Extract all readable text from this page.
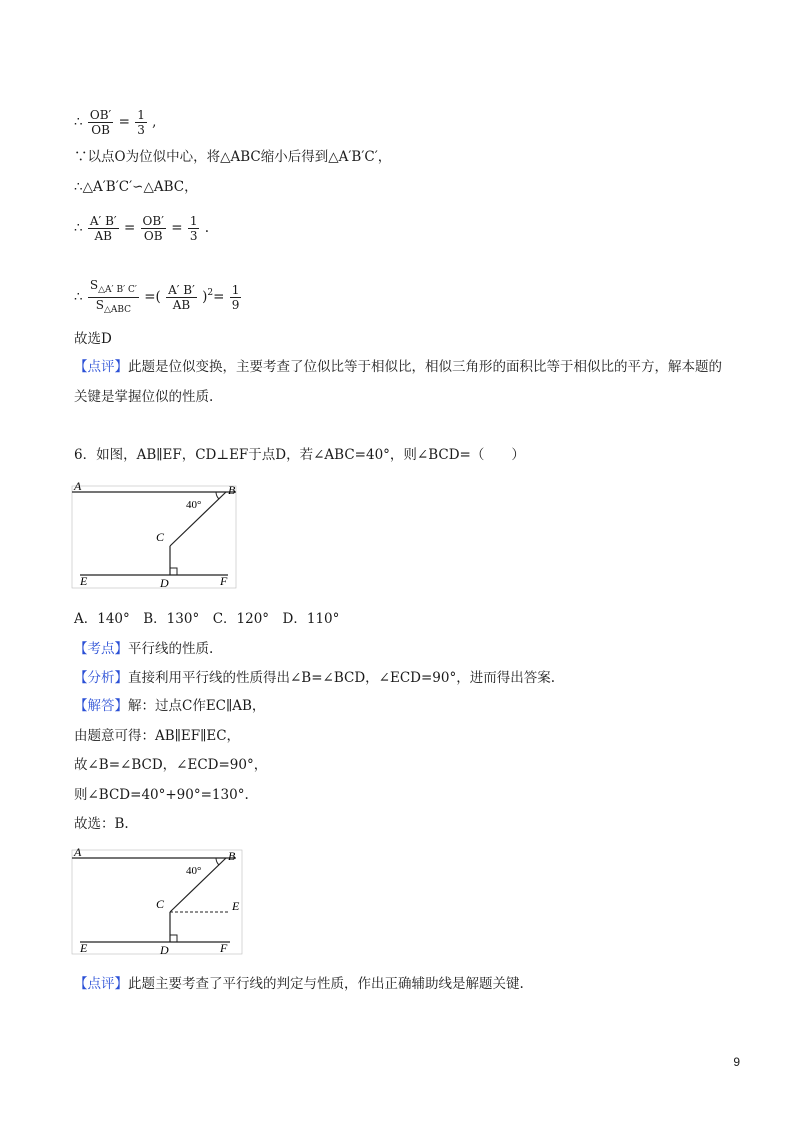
∴ $\frac{OB'}{OB} = \frac{1}{3}$ ,
∵以点O为位似中心，将△ABC缩小后得到△A′B′C′，
∴△A′B′C′∽△ABC，
∴ $\frac{A' B'}{AB} = \frac{OB'}{OB} = \frac{1}{3}$ .
∴ $\frac{S_{\triangle A' B' C'}}{S_{\triangle ABC}}$ =( $\frac{A' B'}{AB} )^2= \frac{1}{9}$
故选D
【点评】此题是位似变换，主要考查了位似比等于相似比，相似三角形的面积比等于相似比的平方，解本题的
关键是掌握位似的性质.
6．如图，AB∥EF，CD⊥EF于点D，若∠ABC=40°，则∠BCD=（　　）
A	B
C
D
E	F
40°
A．140°　B．130°　C．120°　D．110°
【考点】平行线的性质.
【分析】直接利用平行线的性质得出∠B=∠BCD，∠ECD=90°，进而得出答案.
【解答】解：过点C作EC∥AB，
由题意可得：AB∥EF∥EC，
故∠B=∠BCD，∠ECD=90°，
则∠BCD=40°+90°=130°.
故选：B.
A	B
C	E
D
E	F
40°
【点评】此题主要考查了平行线的判定与性质，作出正确辅助线是解题关键.
9
